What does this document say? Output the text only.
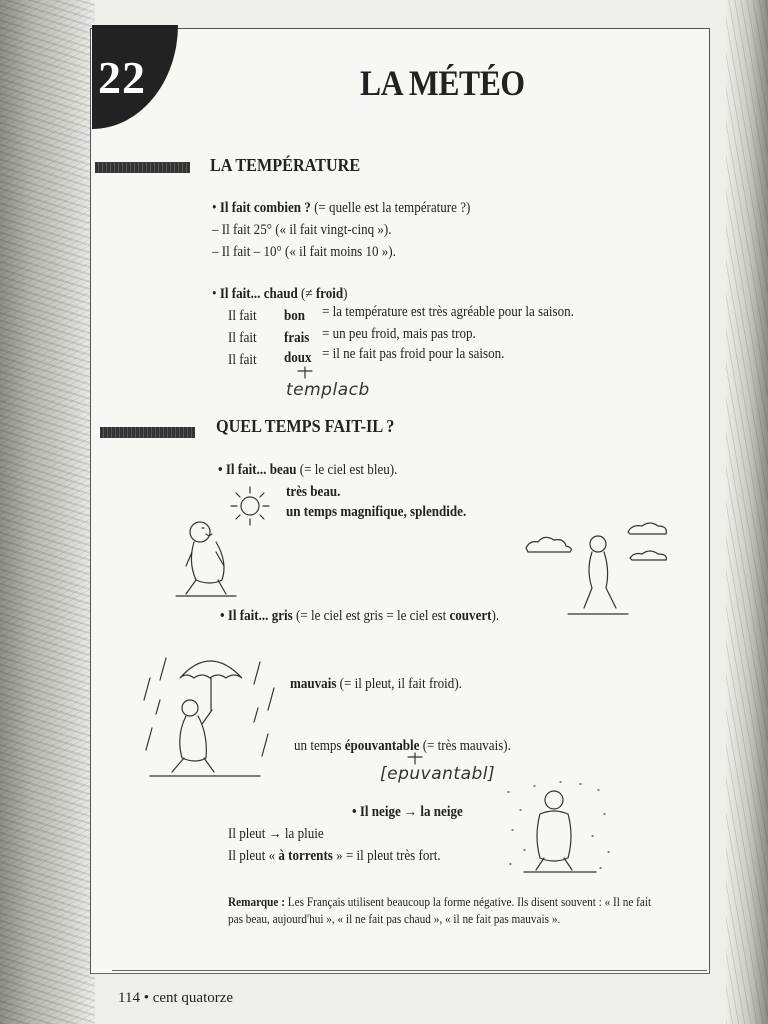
22	LA MÉTÉO
LA TEMPÉRATURE
• Il fait combien ? (= quelle est la température ?)
– Il fait 25° (« il fait vingt-cinq »).
– Il fait – 10° (« il fait moins 10 »).
• Il fait... chaud (≠ froid)
Il fait bon = la température est très agréable pour la saison.
Il fait frais = un peu froid, mais pas trop.
Il fait doux = il ne fait pas froid pour la saison.
templacb
QUEL TEMPS FAIT-IL ?
• Il fait... beau (= le ciel est bleu).
très beau.
un temps magnifique, splendide.
• Il fait... gris (= le ciel est gris = le ciel est couvert).
mauvais (= il pleut, il fait froid).
un temps épouvantable (= très mauvais).
[epuvantabl]
• Il neige → la neige
Il pleut → la pluie
Il pleut « à torrents » = il pleut très fort.
Remarque : Les Français utilisent beaucoup la forme négative. Ils disent souvent : « Il ne fait pas beau, aujourd'hui », « il ne fait pas chaud », « il ne fait pas mauvais ».
114 • cent quatorze
